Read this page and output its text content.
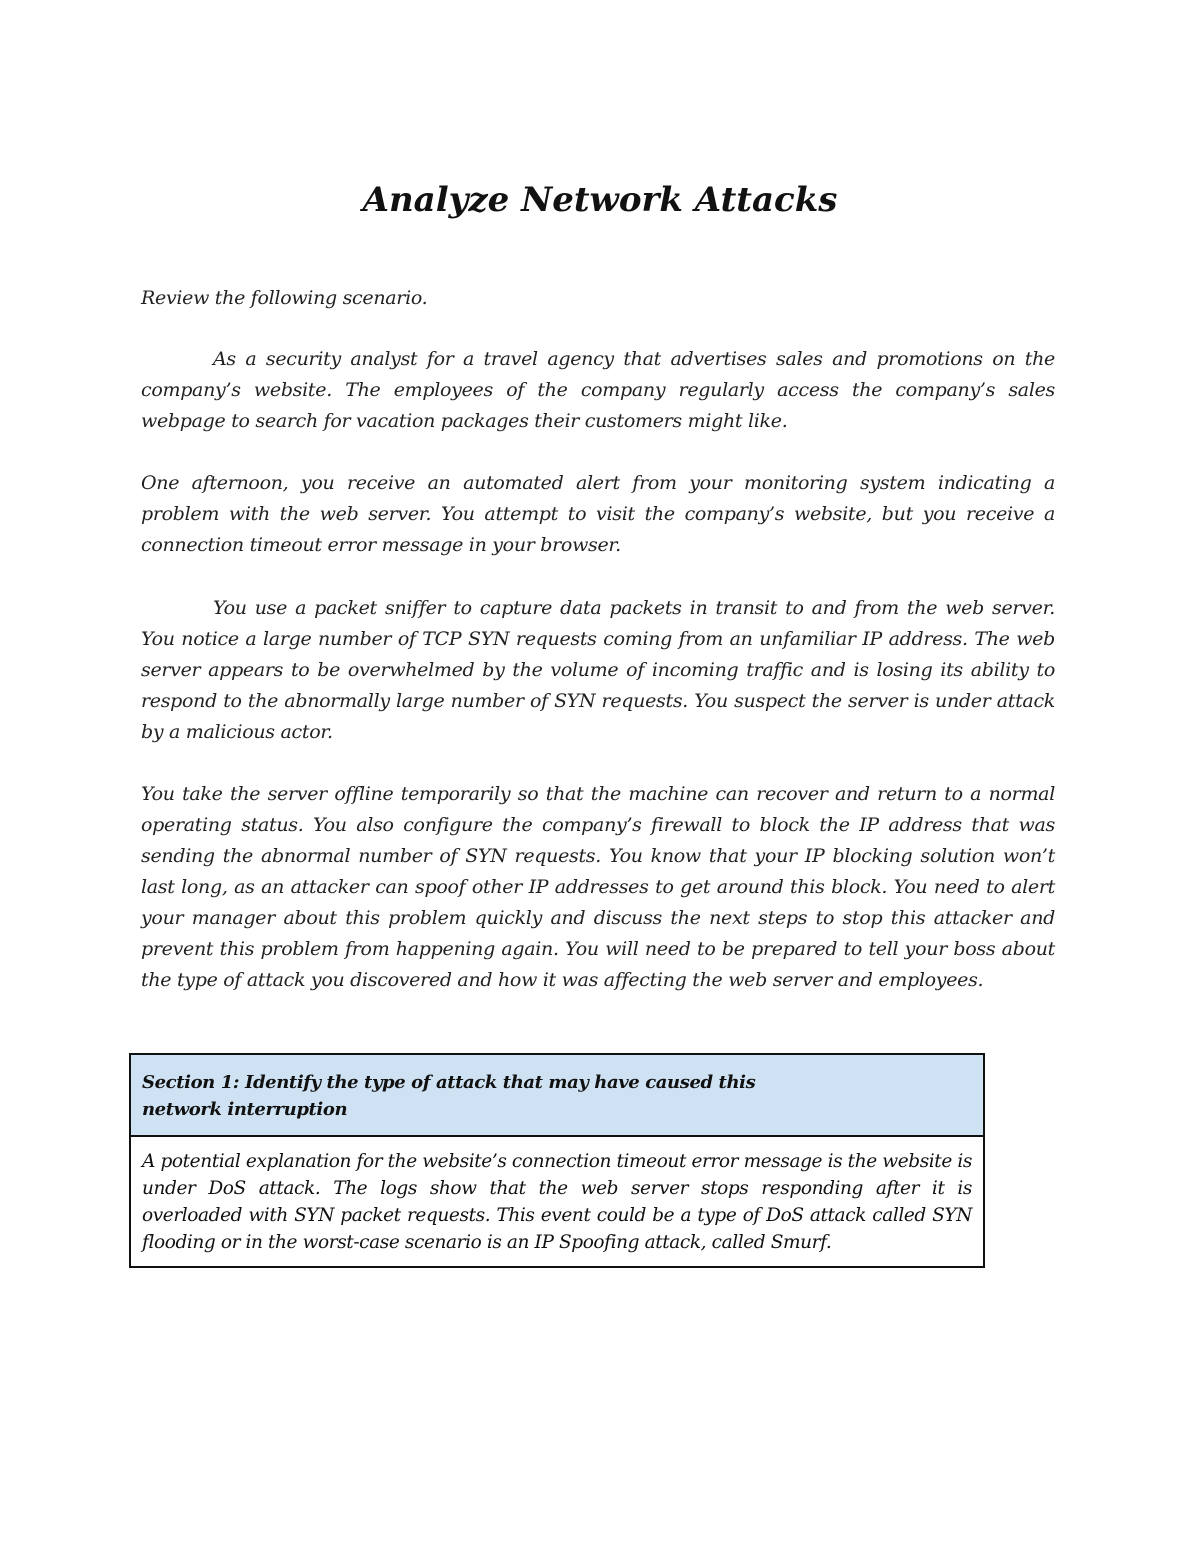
Analyze Network Attacks

Review the following scenario.

As a security analyst for a travel agency that advertises sales and promotions on the company’s website. The employees of the company regularly access the company’s sales webpage to search for vacation packages their customers might like.

One afternoon, you receive an automated alert from your monitoring system indicating a problem with the web server. You attempt to visit the company’s website, but you receive a connection timeout error message in your browser.

You use a packet sniffer to capture data packets in transit to and from the web server. You notice a large number of TCP SYN requests coming from an unfamiliar IP address. The web server appears to be overwhelmed by the volume of incoming traffic and is losing its ability to respond to the abnormally large number of SYN requests. You suspect the server is under attack by a malicious actor.

You take the server offline temporarily so that the machine can recover and return to a normal operating status. You also configure the company’s firewall to block the IP address that was sending the abnormal number of SYN requests. You know that your IP blocking solution won’t last long, as an attacker can spoof other IP addresses to get around this block. You need to alert your manager about this problem quickly and discuss the next steps to stop this attacker and prevent this problem from happening again. You will need to be prepared to tell your boss about the type of attack you discovered and how it was affecting the web server and employees.

Section 1: Identify the type of attack that may have caused this
network interruption
A potential explanation for the website’s connection timeout error message is the website is under DoS attack. The logs show that the web server stops responding after it is overloaded with SYN packet requests. This event could be a type of DoS attack called SYN flooding or in the worst-case scenario is an IP Spoofing attack, called Smurf.
